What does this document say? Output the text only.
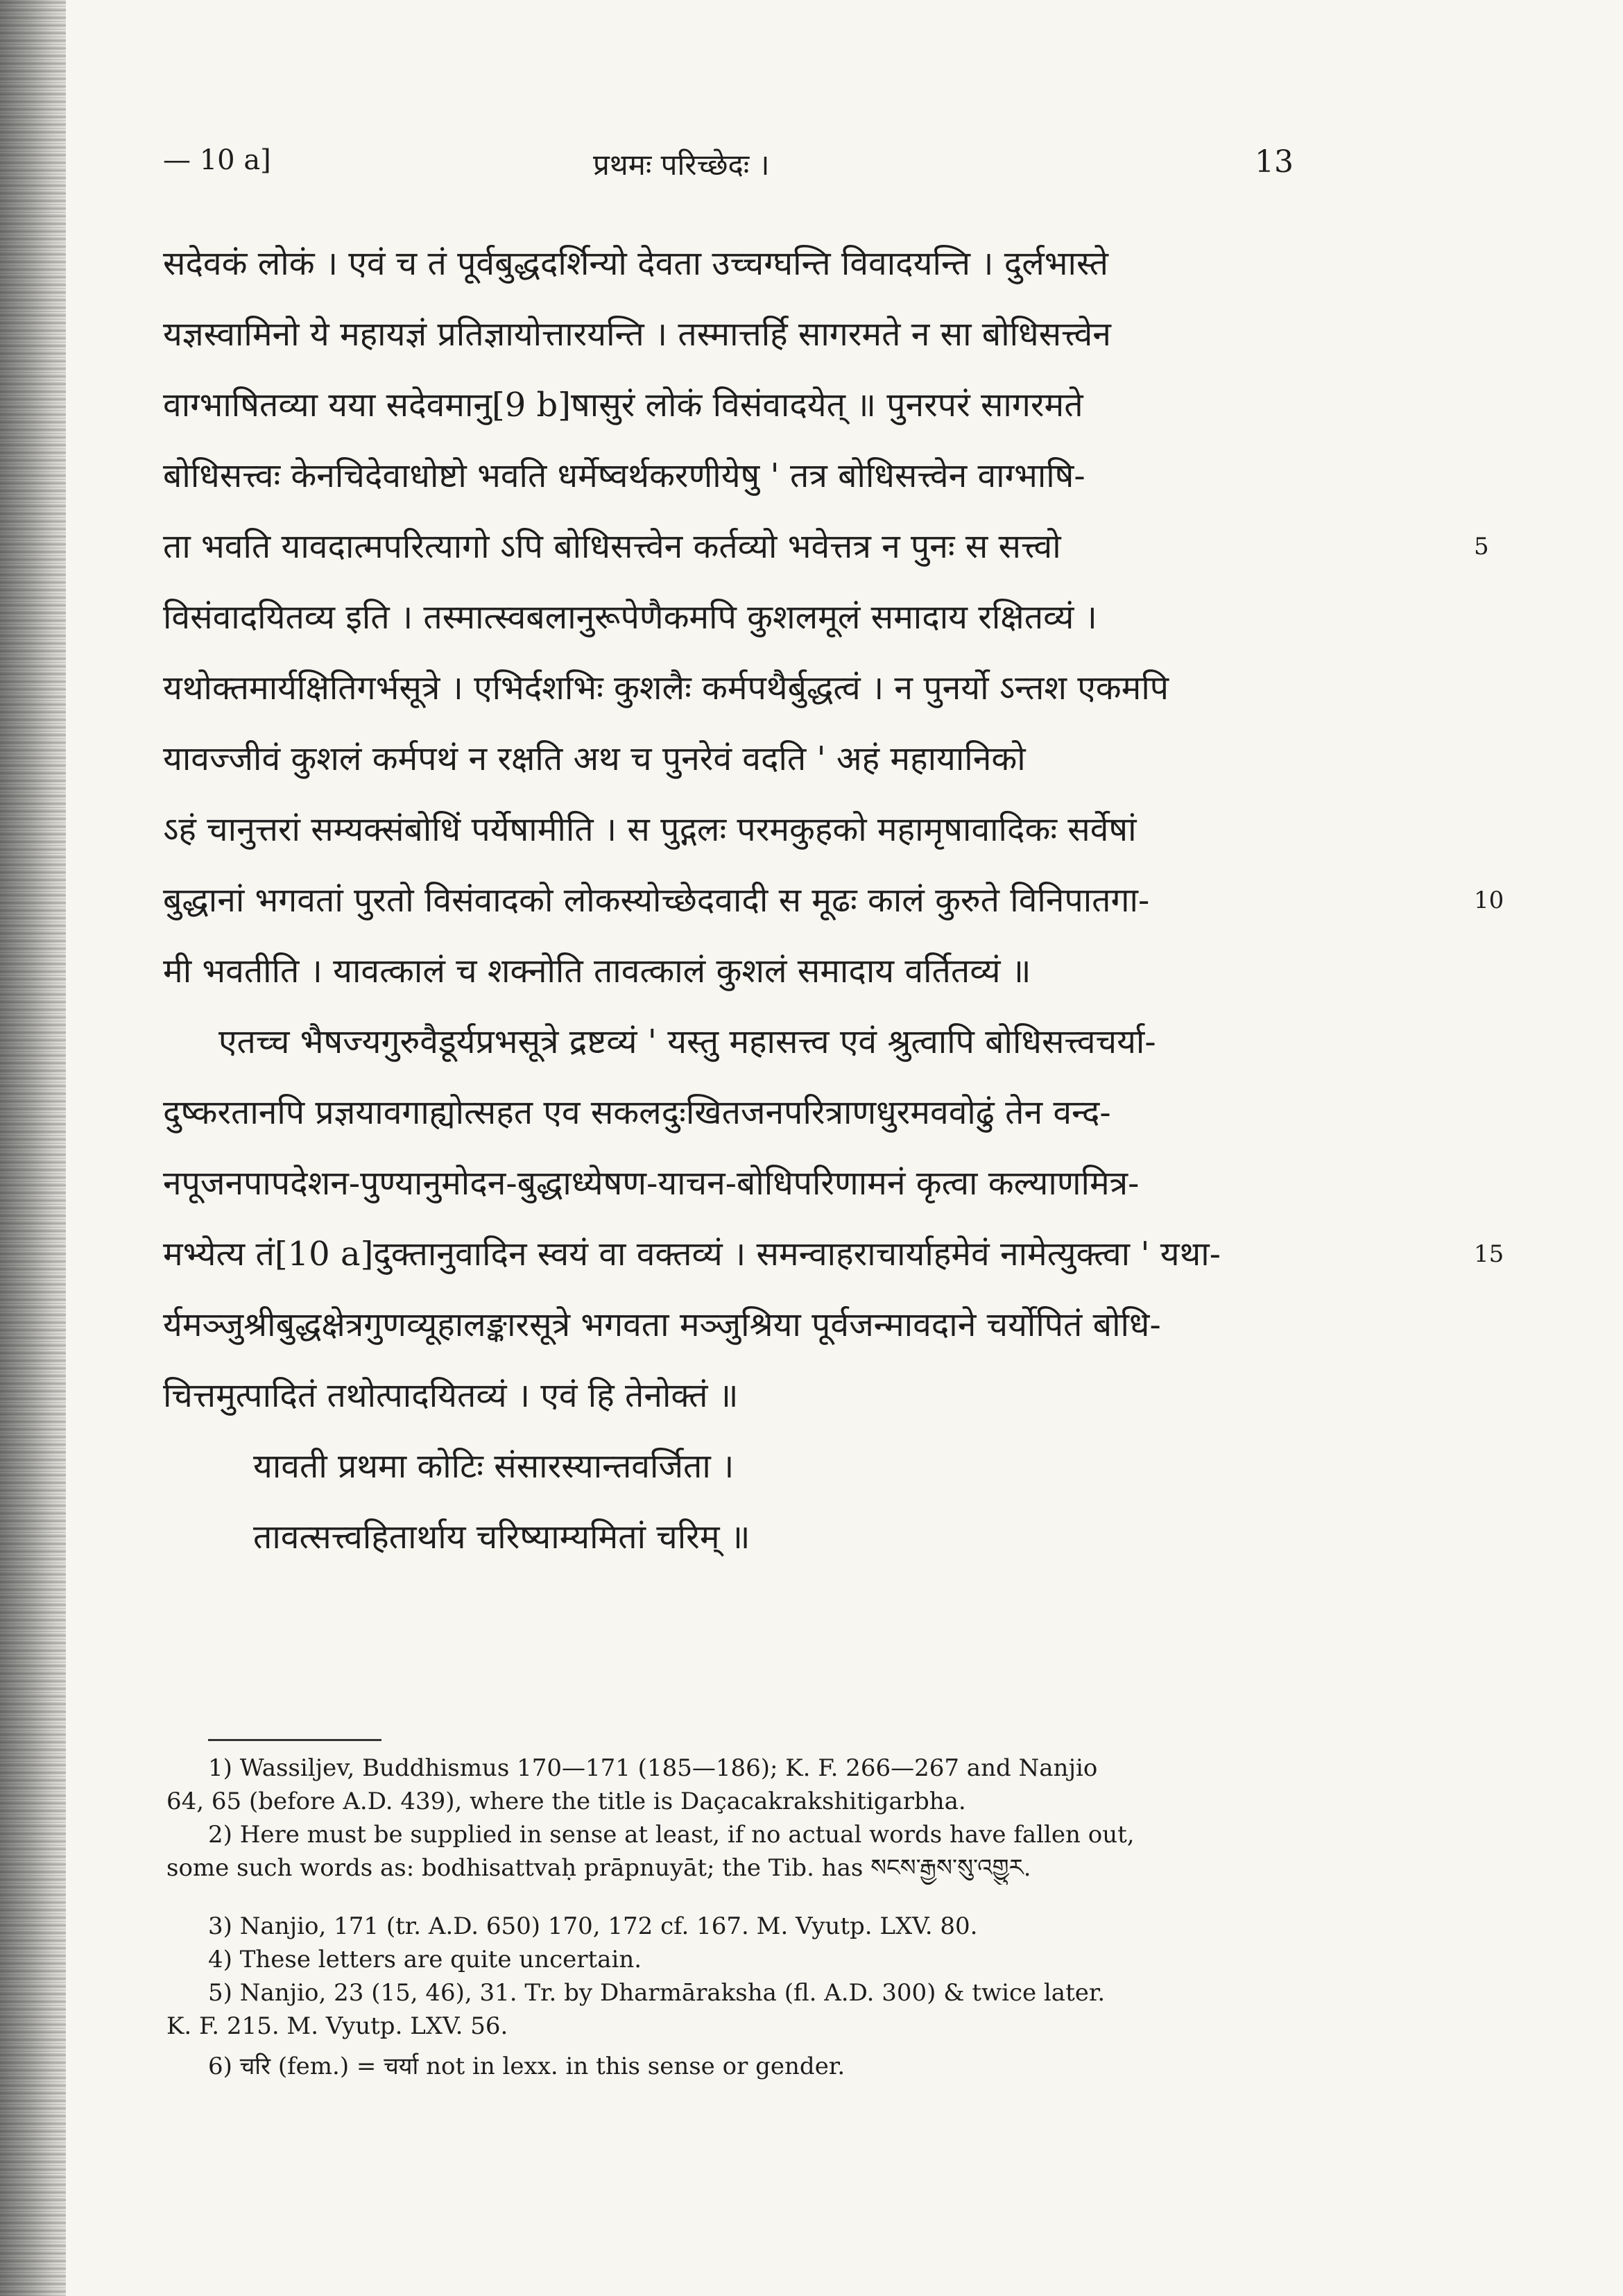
— 10 a]	प्रथमः परिच्छेदः ।	13
सदेवकं लोकं । एवं च तं पूर्वबुद्धदर्शिन्यो देवता उच्चग्घन्ति विवादयन्ति । दुर्लभास्ते
यज्ञस्वामिनो ये महायज्ञं प्रतिज्ञायोत्तारयन्ति । तस्मात्तर्हि सागरमते न सा बोधिसत्त्वेन
वाग्भाषितव्या यया सदेवमानु[9 b]षासुरं लोकं विसंवादयेत् ॥ पुनरपरं सागरमते
बोधिसत्त्वः केनचिदेवाधोष्टो भवति धर्मेष्वर्थकरणीयेषु ' तत्र बोधिसत्त्वेन वाग्भाषि-
ता भवति यावदात्मपरित्यागो ऽपि बोधिसत्त्वेन कर्तव्यो भवेत्तत्र न पुनः स सत्त्वो	5
विसंवादयितव्य इति । तस्मात्स्वबलानुरूपेणैकमपि कुशलमूलं समादाय रक्षितव्यं ।
यथोक्तमार्यक्षितिगर्भसूत्रे । एभिर्दशभिः कुशलैः कर्मपथैर्बुद्धत्वं । न पुनर्यो ऽन्तश एकमपि
यावज्जीवं कुशलं कर्मपथं न रक्षति अथ च पुनरेवं वदति ' अहं महायानिको
ऽहं चानुत्तरां सम्यक्संबोधिं पर्येषामीति । स पुद्गलः परमकुहको महामृषावादिकः सर्वेषां
बुद्धानां भगवतां पुरतो विसंवादको लोकस्योच्छेदवादी स मूढः कालं कुरुते विनिपातगा-	10
मी भवतीति । यावत्कालं च शक्नोति तावत्कालं कुशलं समादाय वर्तितव्यं ॥
एतच्च भैषज्यगुरुवैडूर्यप्रभसूत्रे द्रष्टव्यं ' यस्तु महासत्त्व एवं श्रुत्वापि बोधिसत्त्वचर्या-
दुष्करतानपि प्रज्ञयावगाह्योत्सहत एव सकलदुःखितजनपरित्राणधुरमववोढुं तेन वन्द-
नपूजनपापदेशन-पुण्यानुमोदन-बुद्धाध्येषण-याचन-बोधिपरिणामनं कृत्वा कल्याणमित्र-
मभ्येत्य तं[10 a]दुक्तानुवादिन स्वयं वा वक्तव्यं । समन्वाहराचार्याहमेवं नामेत्युक्त्वा ' यथा-	15
र्यमञ्जुश्रीबुद्धक्षेत्रगुणव्यूहालङ्कारसूत्रे भगवता मञ्जुश्रिया पूर्वजन्मावदाने चर्योपितं बोधि-
चित्तमुत्पादितं तथोत्पादयितव्यं । एवं हि तेनोक्तं ॥
यावती प्रथमा कोटिः संसारस्यान्तवर्जिता ।
तावत्सत्त्वहितार्थाय चरिष्याम्यमितां चरिम् ॥
1) Wassiljev, Buddhismus 170—171 (185—186); K. F. 266—267 and Nanjio
64, 65 (before A.D. 439), where the title is Daçacakrakshitigarbha.
2) Here must be supplied in sense at least, if no actual words have fallen out,
some such words as: bodhisattvaḥ prāpnuyāt; the Tib. has སངས་རྒྱས་སུ་འགྱུར.
3) Nanjio, 171 (tr. A.D. 650) 170, 172 cf. 167. M. Vyutp. LXV. 80.
4) These letters are quite uncertain.
5) Nanjio, 23 (15, 46), 31. Tr. by Dharmāraksha (fl. A.D. 300) & twice later.
K. F. 215. M. Vyutp. LXV. 56.
6) चरि (fem.) = चर्या not in lexx. in this sense or gender.
